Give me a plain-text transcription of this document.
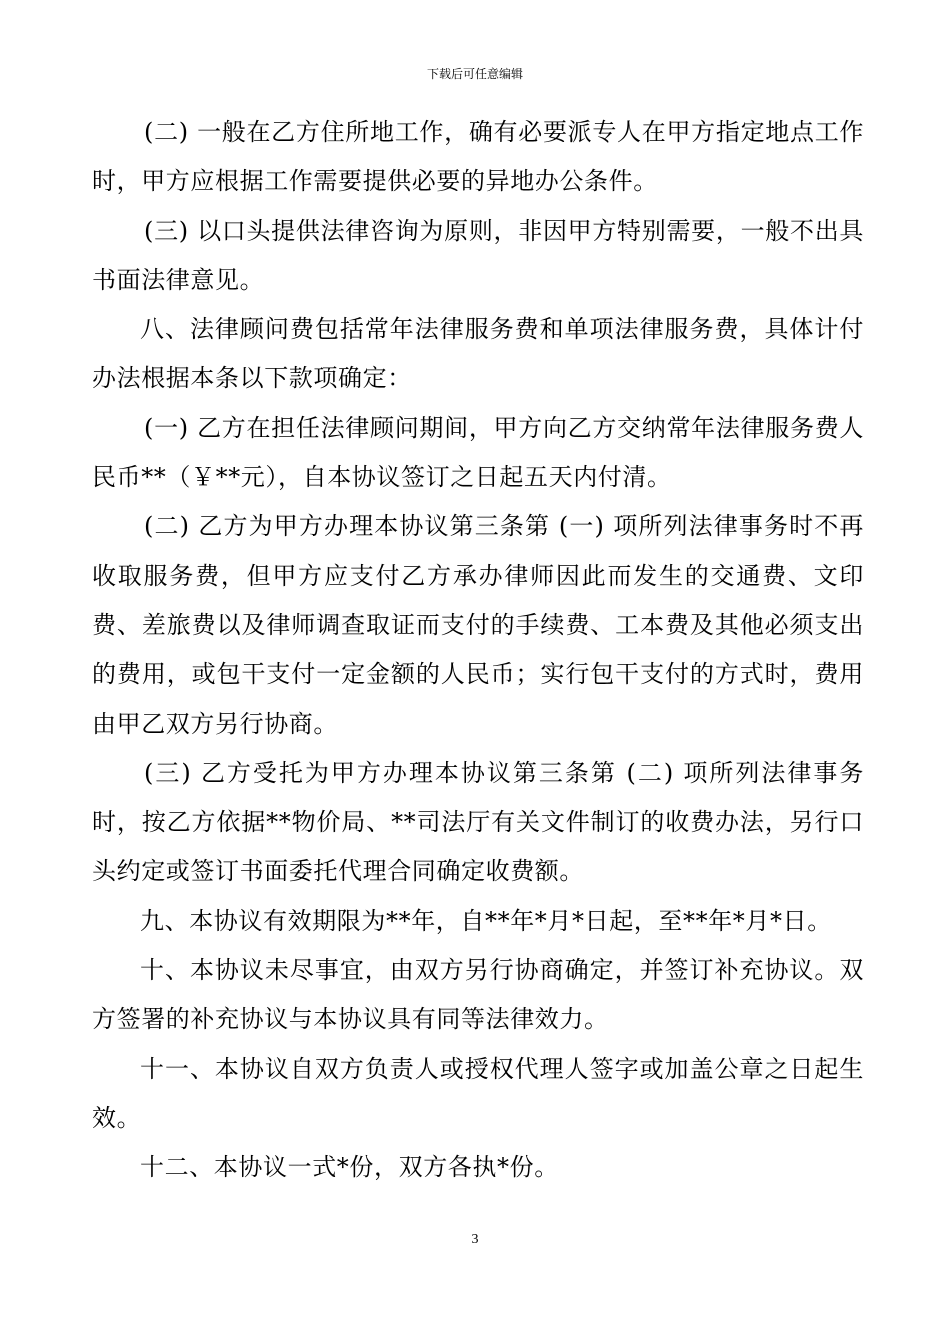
下载后可任意编辑

(二) 一般在乙方住所地工作，确有必要派专人在甲方指定地点工作时，甲方应根据工作需要提供必要的异地办公条件。

(三) 以口头提供法律咨询为原则，非因甲方特别需要，一般不出具书面法律意见。

八、法律顾问费包括常年法律服务费和单项法律服务费，具体计付办法根据本条以下款项确定：

(一) 乙方在担任法律顾问期间，甲方向乙方交纳常年法律服务费人民币**（￥**元），自本协议签订之日起五天内付清。

(二) 乙方为甲方办理本协议第三条第 (一) 项所列法律事务时不再收取服务费，但甲方应支付乙方承办律师因此而发生的交通费、文印费、差旅费以及律师调查取证而支付的手续费、工本费及其他必须支出的费用，或包干支付一定金额的人民币；实行包干支付的方式时，费用由甲乙双方另行协商。

(三) 乙方受托为甲方办理本协议第三条第 (二) 项所列法律事务时，按乙方依据**物价局、**司法厅有关文件制订的收费办法，另行口头约定或签订书面委托代理合同确定收费额。

九、本协议有效期限为**年，自**年*月*日起，至**年*月*日。

十、本协议未尽事宜，由双方另行协商确定，并签订补充协议。双方签署的补充协议与本协议具有同等法律效力。

十一、本协议自双方负责人或授权代理人签字或加盖公章之日起生效。

十二、本协议一式*份，双方各执*份。

3
